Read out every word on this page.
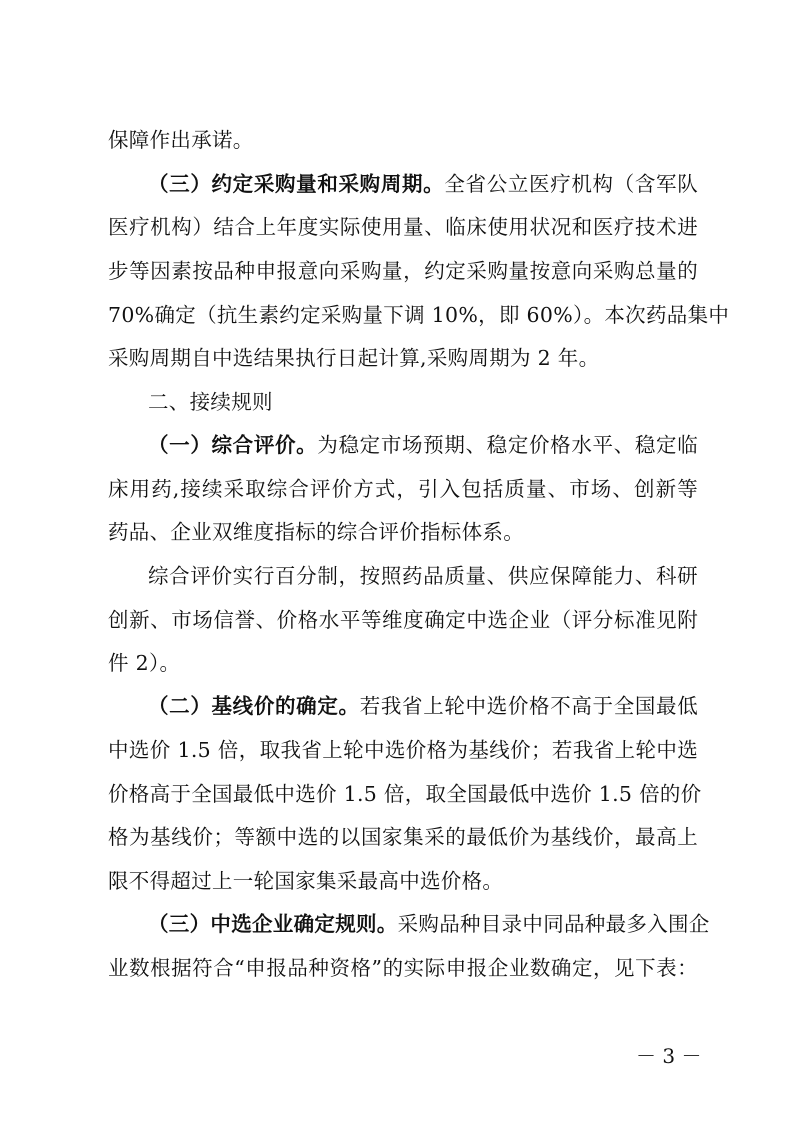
保障作出承诺。
（三）约定采购量和采购周期。全省公立医疗机构（含军队
医疗机构）结合上年度实际使用量、临床使用状况和医疗技术进
步等因素按品种申报意向采购量，约定采购量按意向采购总量的
70%确定（抗生素约定采购量下调 10%，即 60%）。本次药品集中
采购周期自中选结果执行日起计算,采购周期为 2 年。
二、接续规则
（一）综合评价。为稳定市场预期、稳定价格水平、稳定临
床用药,接续采取综合评价方式，引入包括质量、市场、创新等
药品、企业双维度指标的综合评价指标体系。
综合评价实行百分制，按照药品质量、供应保障能力、科研
创新、市场信誉、价格水平等维度确定中选企业（评分标准见附
件 2）。
（二）基线价的确定。若我省上轮中选价格不高于全国最低
中选价 1.5 倍，取我省上轮中选价格为基线价；若我省上轮中选
价格高于全国最低中选价 1.5 倍，取全国最低中选价 1.5 倍的价
格为基线价；等额中选的以国家集采的最低价为基线价，最高上
限不得超过上一轮国家集采最高中选价格。
（三）中选企业确定规则。采购品种目录中同品种最多入围企
业数根据符合“申报品种资格”的实际申报企业数确定，见下表：
－ 3 －
